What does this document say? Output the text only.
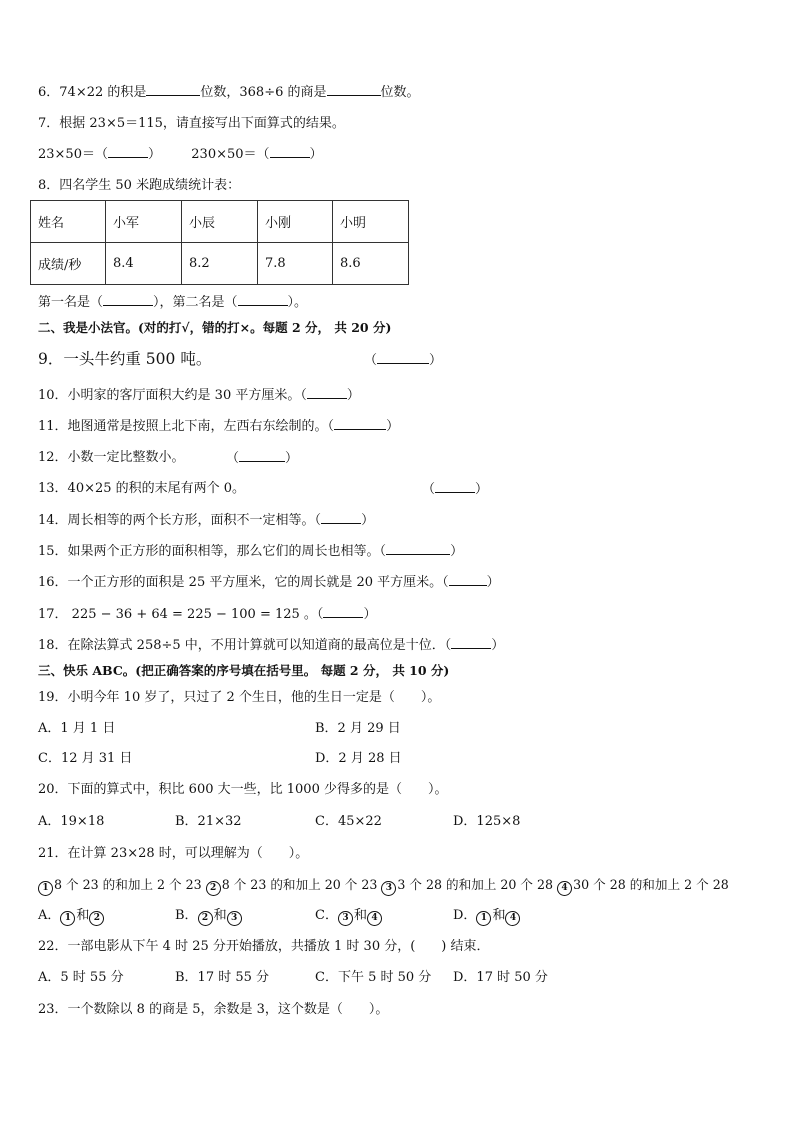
6．74×22 的积是	位数，368÷6 的商是	位数。
7．根据 23×5＝115，请直接写出下面算式的结果。
23×50＝（	） 230×50＝（	）
8．四名学生 50 米跑成绩统计表：
姓名	小军	小辰	小刚	小明
成绩/秒	8.4	8.2	7.8	8.6
第一名是（	），第二名是（	）。
二、我是小法官。(对的打√，错的打×。每题 2 分， 共 20 分)
9．一头牛约重 500 吨。	（	）
10．小明家的客厅面积大约是 30 平方厘米。（	）
11．地图通常是按照上北下南，左西右东绘制的。（	）
12．小数一定比整数小。	（	）
13．40×25 的积的末尾有两个 0。	（	）
14．周长相等的两个长方形，面积不一定相等。（	）
15．如果两个正方形的面积相等，那么它们的周长也相等。（	）
16．一个正方形的面积是 25 平方厘米，它的周长就是 20 平方厘米。（	）
17． 225 − 36 + 64 = 225 − 100 = 125 。（	）
18．在除法算式 258÷5 中，不用计算就可以知道商的最高位是十位．（	）
三、快乐 ABC。(把正确答案的序号填在括号里。 每题 2 分， 共 10 分)
19．小明今年 10 岁了，只过了 2 个生日，他的生日一定是（　　）。
A．1 月 1 日	B．2 月 29 日
C．12 月 31 日	D．2 月 28 日
20．下面的算式中，积比 600 大一些，比 1000 少得多的是（　　）。
A．19×18	B．21×32	C．45×22	D．125×8
21．在计算 23×28 时，可以理解为（　　）。
1 8 个 23 的和加上 2 个 23 2 8 个 23 的和加上 20 个 23 3 3 个 28 的和加上 20 个 28 4 30 个 28 的和加上 2 个 28
A． 1 和 2	B． 2 和 3	C． 3 和 4	D． 1 和 4
22．一部电影从下午 4 时 25 分开始播放，共播放 1 时 30 分，(　　) 结束．
A．5 时 55 分	B．17 时 55 分	C．下午 5 时 50 分 D．17 时 50 分
23．一个数除以 8 的商是 5，余数是 3，这个数是（　　）。
